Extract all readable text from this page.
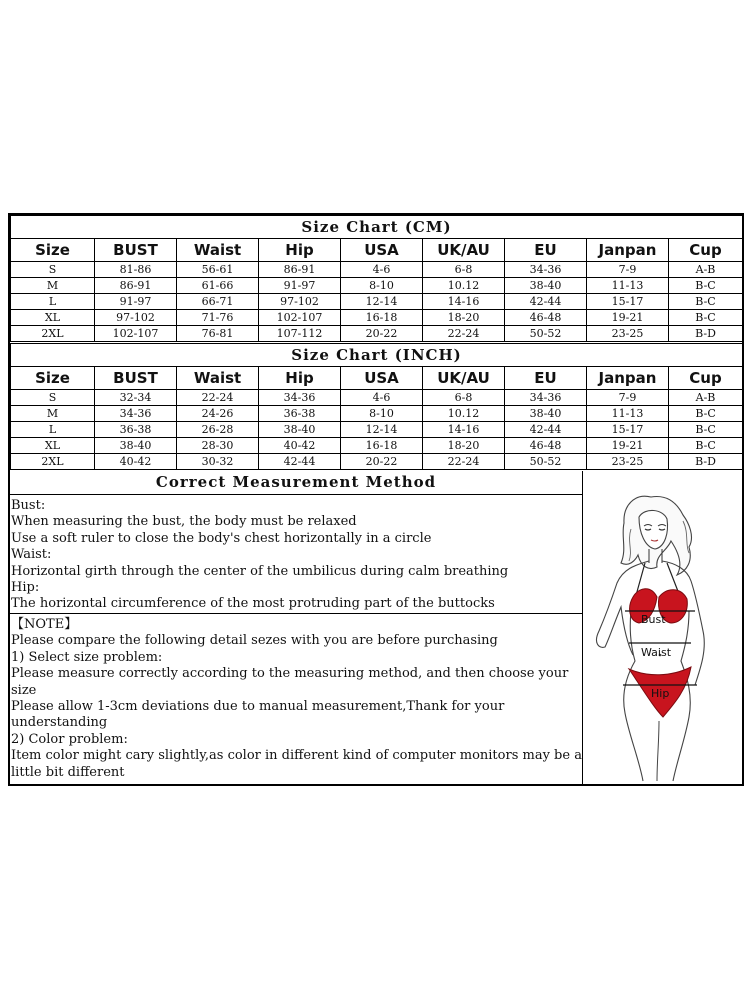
Size Chart (CM)								
Size	BUST	Waist	Hip	USA	UK/AU	EU	Janpan	Cup
S	81-86	56-61	86-91	4-6	6-8	34-36	7-9	A-B
M	86-91	61-66	91-97	8-10	10.12	38-40	11-13	B-C
L	91-97	66-71	97-102	12-14	14-16	42-44	15-17	B-C
XL	97-102	71-76	102-107	16-18	18-20	46-48	19-21	B-C
2XL	102-107	76-81	107-112	20-22	22-24	50-52	23-25	B-D
Size Chart (INCH)								
Size	BUST	Waist	Hip	USA	UK/AU	EU	Janpan	Cup
S	32-34	22-24	34-36	4-6	6-8	34-36	7-9	A-B
M	34-36	24-26	36-38	8-10	10.12	38-40	11-13	B-C
L	36-38	26-28	38-40	12-14	14-16	42-44	15-17	B-C
XL	38-40	28-30	40-42	16-18	18-20	46-48	19-21	B-C
2XL	40-42	30-32	42-44	20-22	22-24	50-52	23-25	B-D
Correct Measurement Method
Bust:
When measuring the bust, the body must be relaxed
Use a soft ruler to close the body's chest horizontally in a circle
Waist:
Horizontal girth through the center of the umbilicus during calm breathing
Hip:
The horizontal circumference of the most protruding part of the buttocks
【NOTE】
Please compare the following detail sezes with you are before purchasing
1) Select size problem:
Please measure correctly according to the measuring method, and then choose your size
Please allow 1-3cm deviations due to manual measurement,Thank for your understanding
2) Color problem:
Item color might cary slightly,as color in different kind of computer monitors may be a little bit different
Bust
Waist
Hip
